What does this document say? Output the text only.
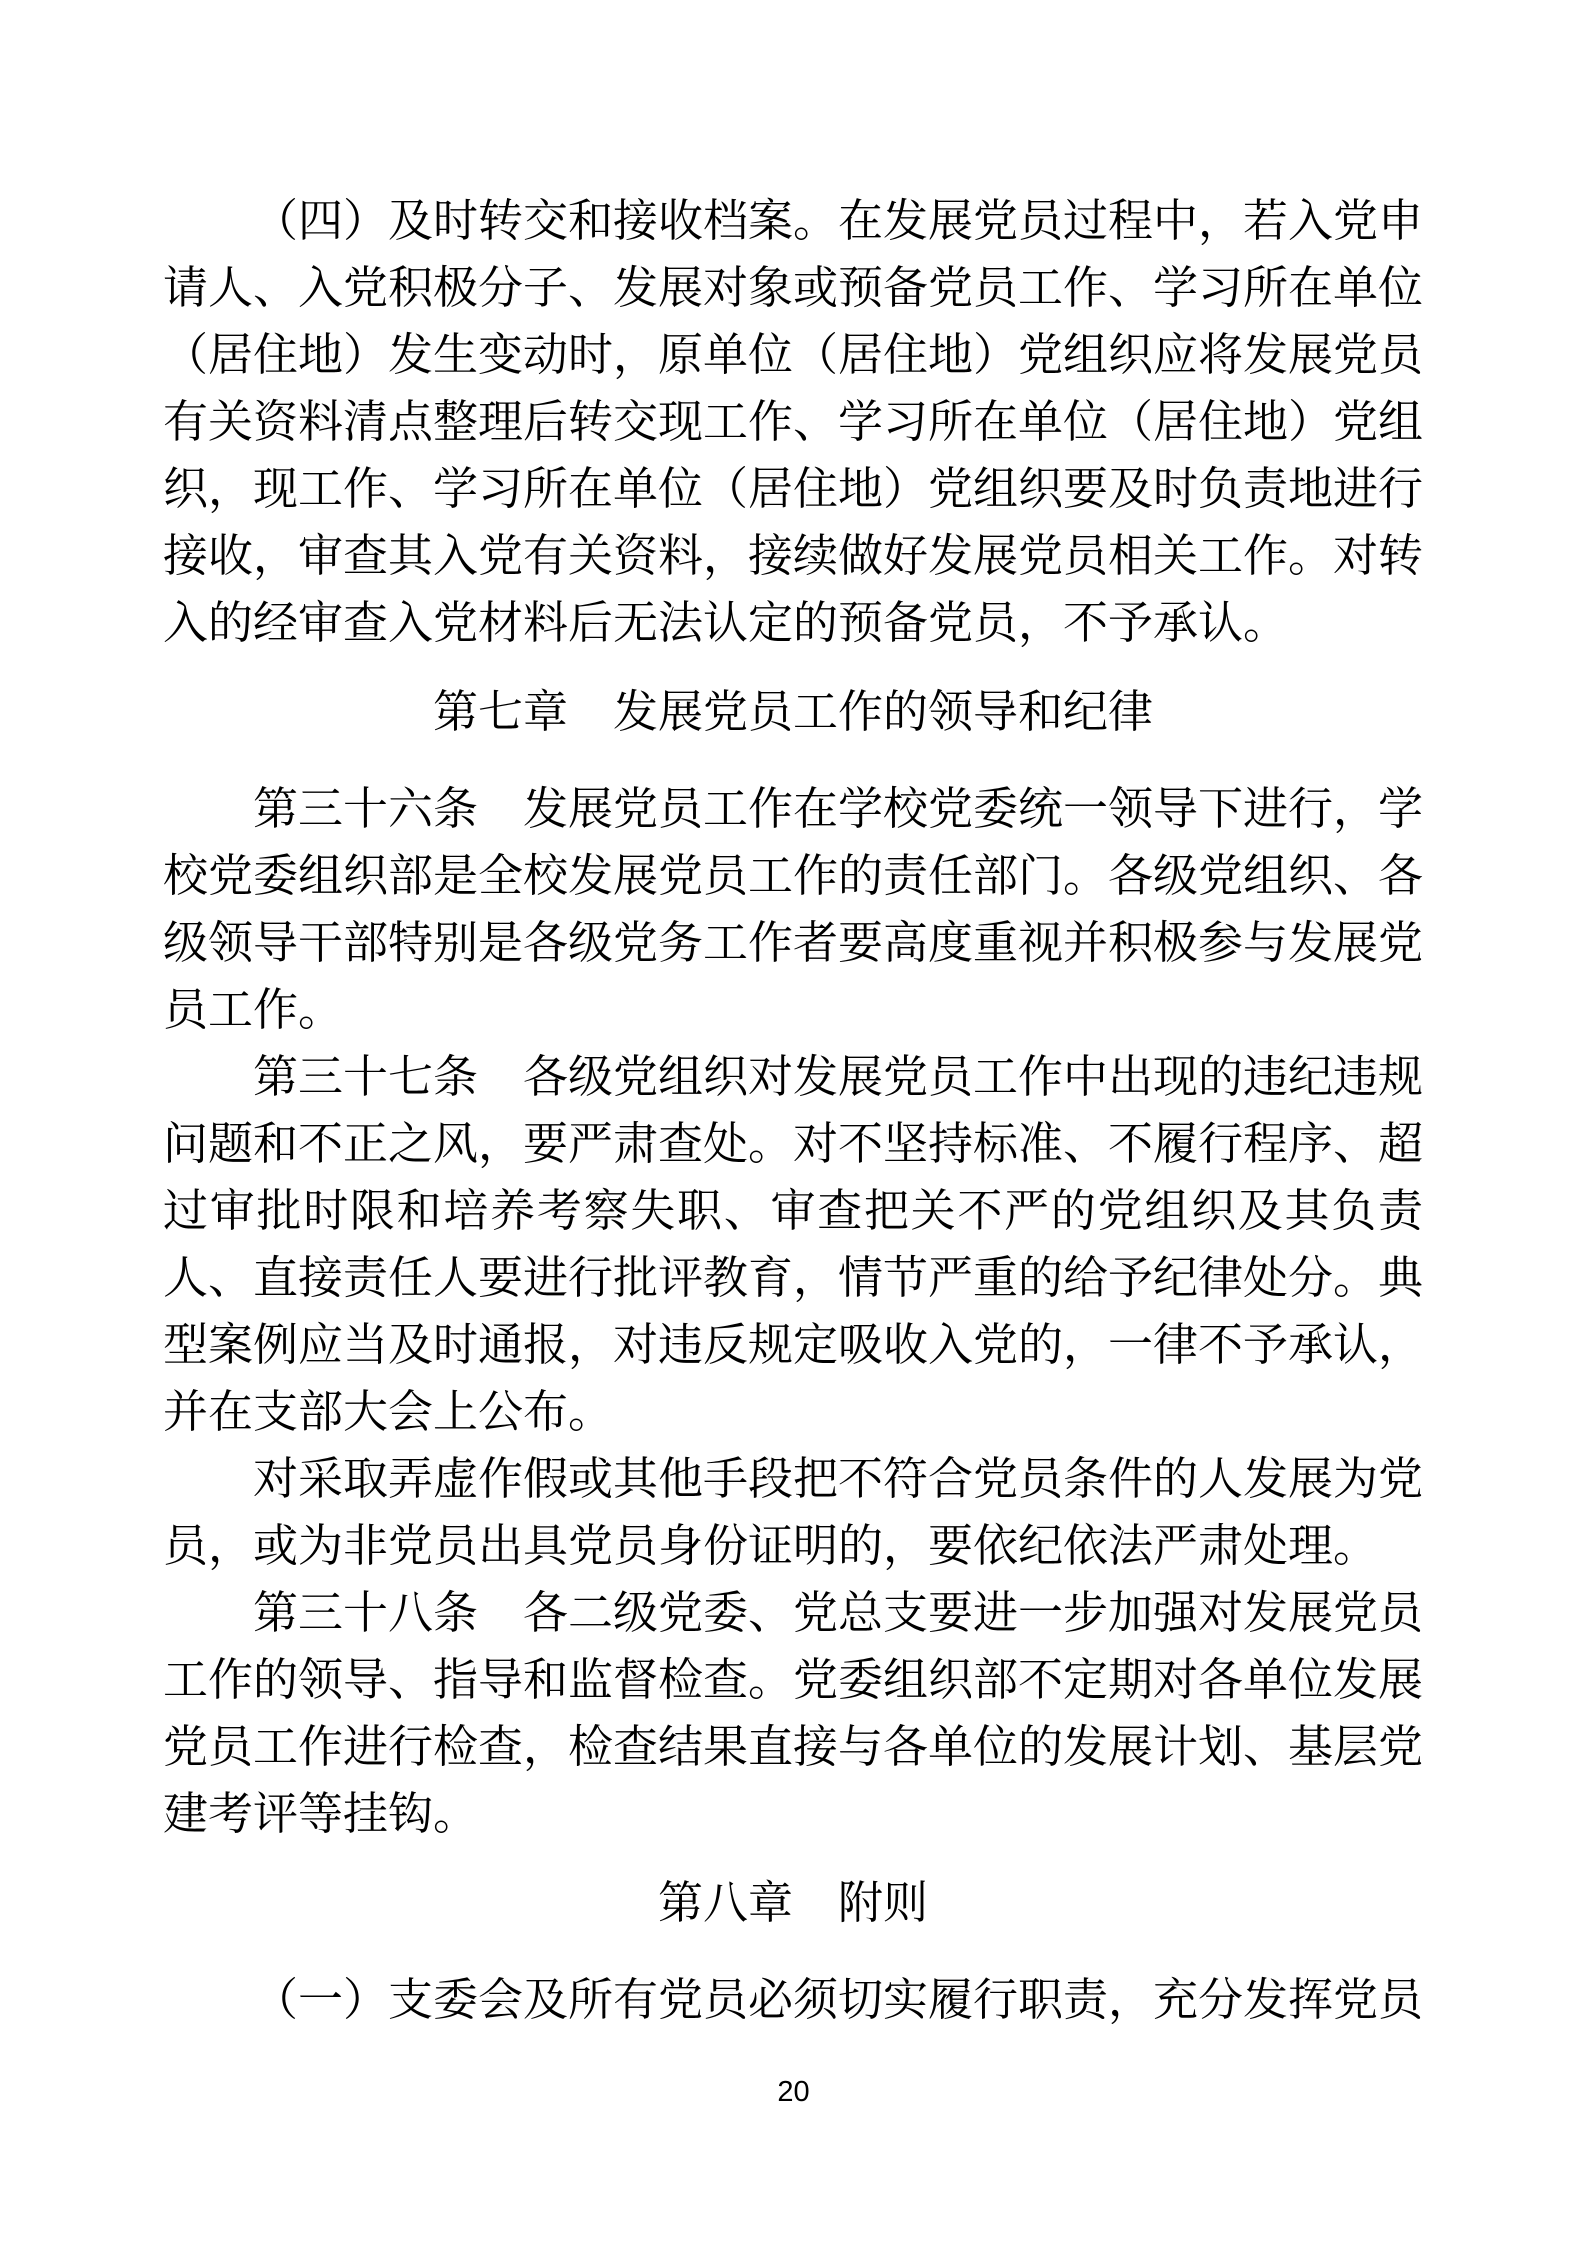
（四）及时转交和接收档案。在发展党员过程中，若入党申请人、入党积极分子、发展对象或预备党员工作、学习所在单位（居住地）发生变动时，原单位（居住地）党组织应将发展党员有关资料清点整理后转交现工作、学习所在单位（居住地）党组织，现工作、学习所在单位（居住地）党组织要及时负责地进行接收，审查其入党有关资料，接续做好发展党员相关工作。对转入的经审查入党材料后无法认定的预备党员，不予承认。

第七章　发展党员工作的领导和纪律

第三十六条　发展党员工作在学校党委统一领导下进行，学校党委组织部是全校发展党员工作的责任部门。各级党组织、各级领导干部特别是各级党务工作者要高度重视并积极参与发展党员工作。

第三十七条　各级党组织对发展党员工作中出现的违纪违规问题和不正之风，要严肃查处。对不坚持标准、不履行程序、超过审批时限和培养考察失职、审查把关不严的党组织及其负责人、直接责任人要进行批评教育，情节严重的给予纪律处分。典型案例应当及时通报，对违反规定吸收入党的，一律不予承认，并在支部大会上公布。

对采取弄虚作假或其他手段把不符合党员条件的人发展为党员，或为非党员出具党员身份证明的，要依纪依法严肃处理。

第三十八条　各二级党委、党总支要进一步加强对发展党员工作的领导、指导和监督检查。党委组织部不定期对各单位发展党员工作进行检查，检查结果直接与各单位的发展计划、基层党建考评等挂钩。

第八章　附则

（一）支委会及所有党员必须切实履行职责，充分发挥党员

20
